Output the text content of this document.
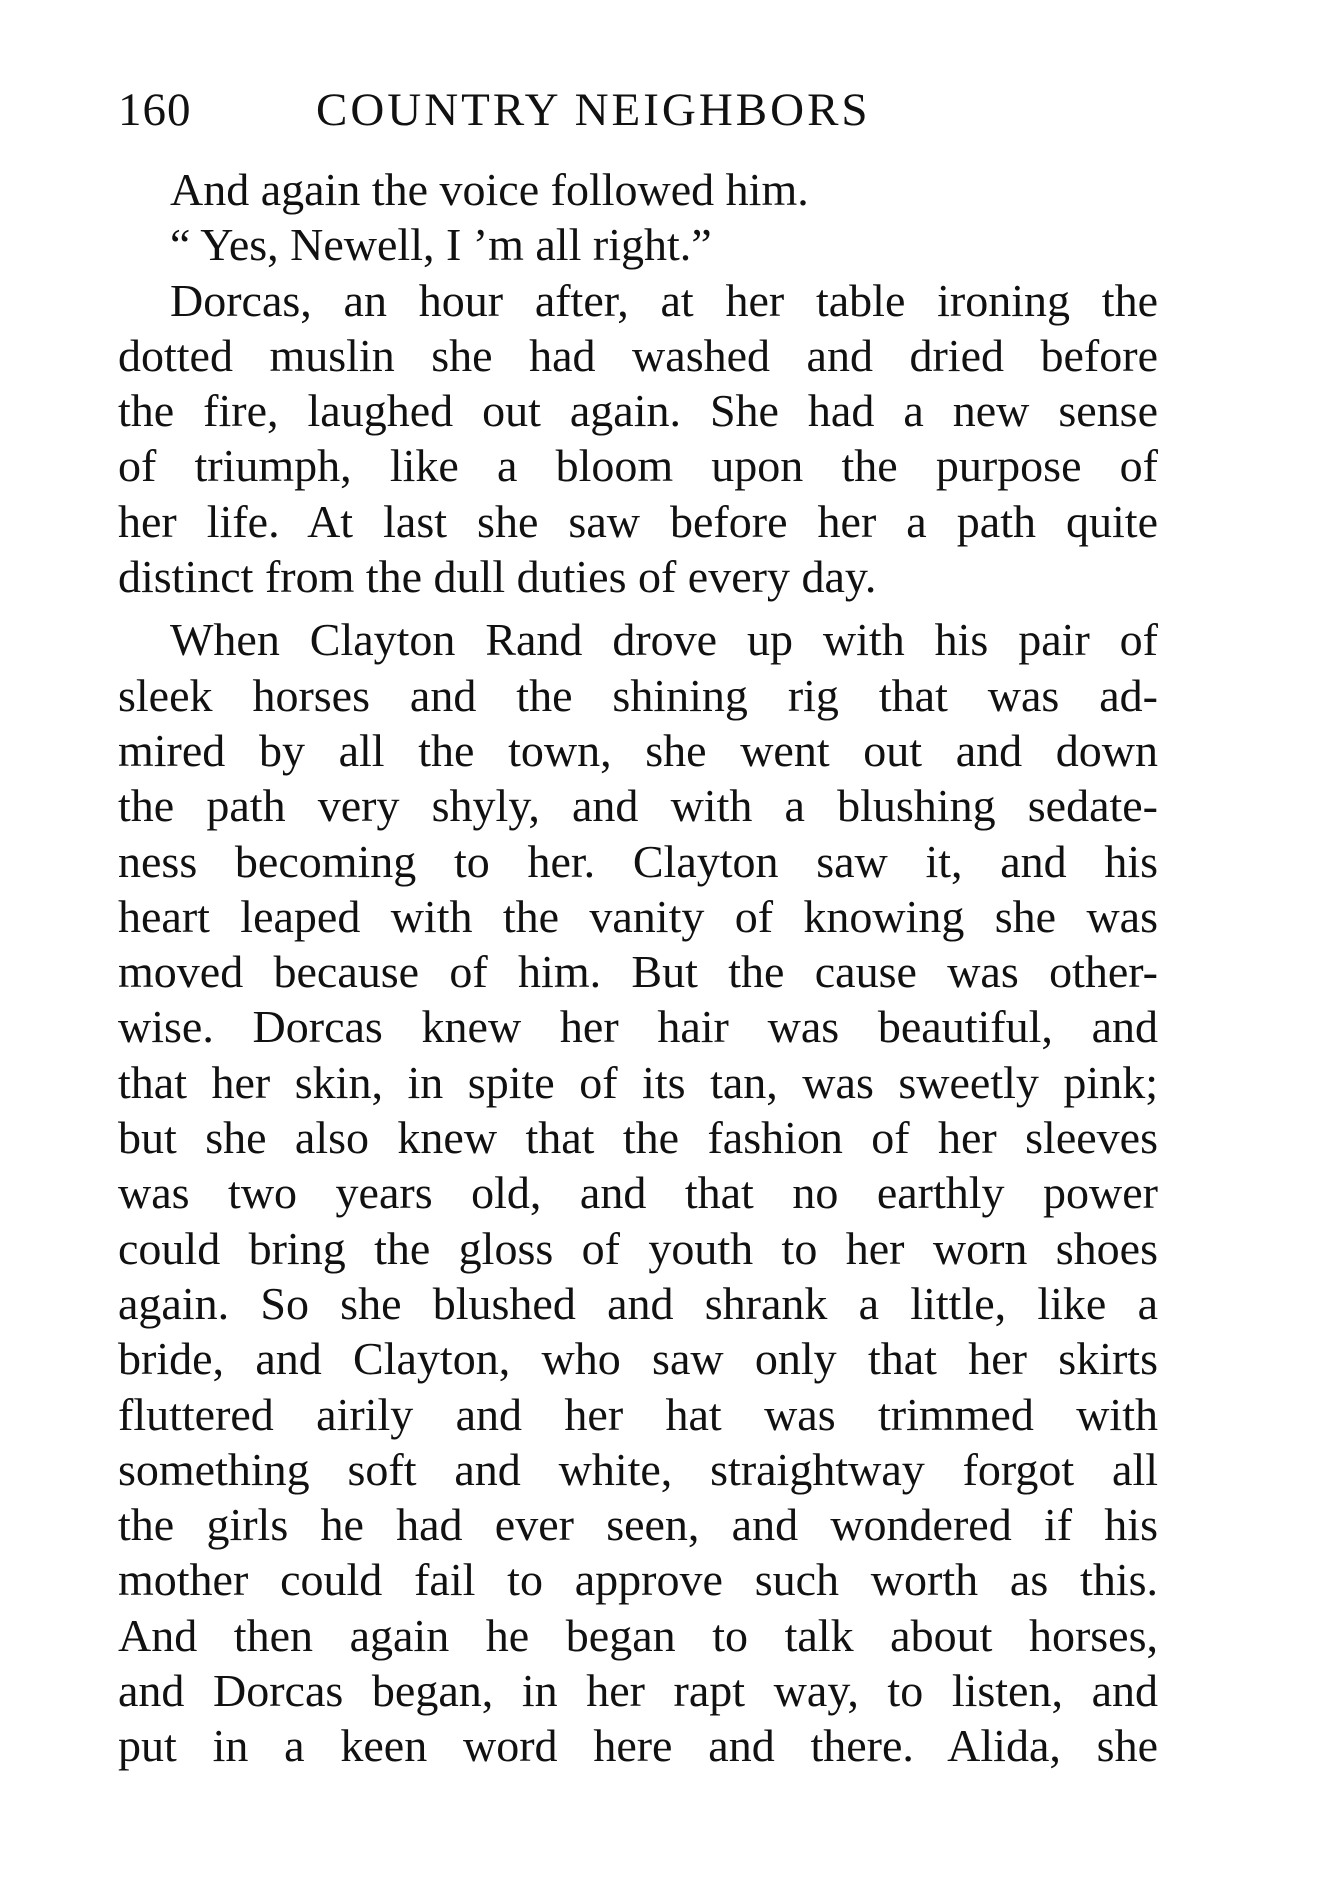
160	COUNTRY NEIGHBORS
And again the voice followed him.
“ Yes, Newell, I ’m all right.”
Dorcas, an hour after, at her table ironing the
dotted muslin she had washed and dried before
the fire, laughed out again. She had a new sense
of triumph, like a bloom upon the purpose of
her life. At last she saw before her a path quite
distinct from the dull duties of every day.
When Clayton Rand drove up with his pair of
sleek horses and the shining rig that was ad-
mired by all the town, she went out and down
the path very shyly, and with a blushing sedate-
ness becoming to her. Clayton saw it, and his
heart leaped with the vanity of knowing she was
moved because of him. But the cause was other-
wise. Dorcas knew her hair was beautiful, and
that her skin, in spite of its tan, was sweetly pink;
but she also knew that the fashion of her sleeves
was two years old, and that no earthly power
could bring the gloss of youth to her worn shoes
again. So she blushed and shrank a little, like a
bride, and Clayton, who saw only that her skirts
fluttered airily and her hat was trimmed with
something soft and white, straightway forgot all
the girls he had ever seen, and wondered if his
mother could fail to approve such worth as this.
And then again he began to talk about horses,
and Dorcas began, in her rapt way, to listen, and
put in a keen word here and there. Alida, she
